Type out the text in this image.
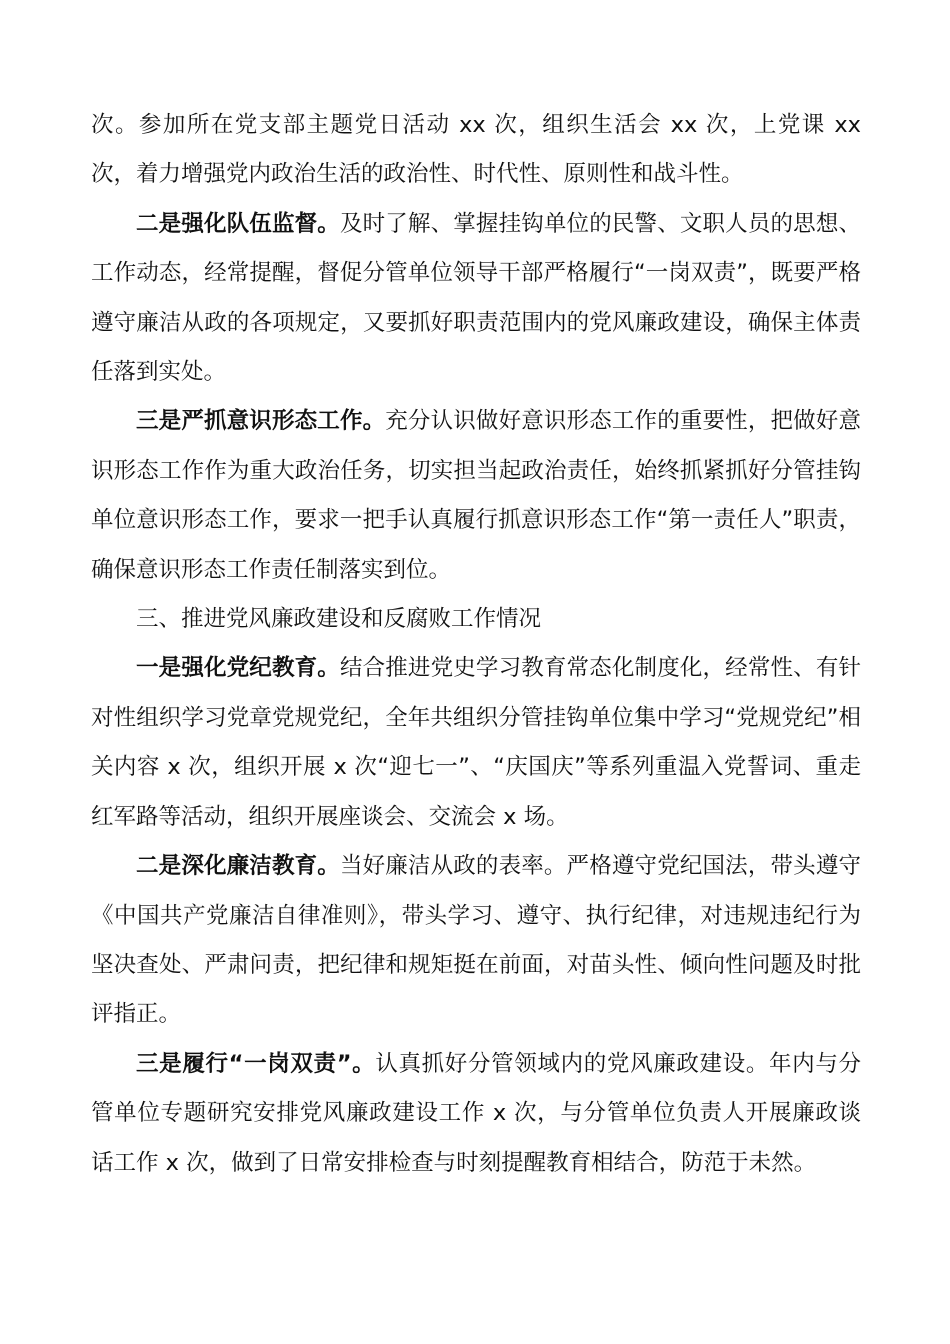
次。参加所在党支部主题党日活动 xx 次，组织生活会 xx 次，上党课 xx 次，着力增强党内政治生活的政治性、时代性、原则性和战斗性。

二是强化队伍监督。及时了解、掌握挂钩单位的民警、文职人员的思想、工作动态，经常提醒，督促分管单位领导干部严格履行“一岗双责”，既要严格遵守廉洁从政的各项规定，又要抓好职责范围内的党风廉政建设，确保主体责任落到实处。

三是严抓意识形态工作。充分认识做好意识形态工作的重要性，把做好意识形态工作作为重大政治任务，切实担当起政治责任，始终抓紧抓好分管挂钩单位意识形态工作，要求一把手认真履行抓意识形态工作“第一责任人”职责，确保意识形态工作责任制落实到位。

三、推进党风廉政建设和反腐败工作情况

一是强化党纪教育。结合推进党史学习教育常态化制度化，经常性、有针对性组织学习党章党规党纪，全年共组织分管挂钩单位集中学习“党规党纪”相关内容 x 次，组织开展 x 次“迎七一”、“庆国庆”等系列重温入党誓词、重走红军路等活动，组织开展座谈会、交流会 x 场。

二是深化廉洁教育。当好廉洁从政的表率。严格遵守党纪国法，带头遵守《中国共产党廉洁自律准则》，带头学习、遵守、执行纪律，对违规违纪行为坚决查处、严肃问责，把纪律和规矩挺在前面，对苗头性、倾向性问题及时批评指正。

三是履行“一岗双责”。认真抓好分管领域内的党风廉政建设。年内与分管单位专题研究安排党风廉政建设工作 x 次，与分管单位负责人开展廉政谈话工作 x 次，做到了日常安排检查与时刻提醒教育相结合，防范于未然。
